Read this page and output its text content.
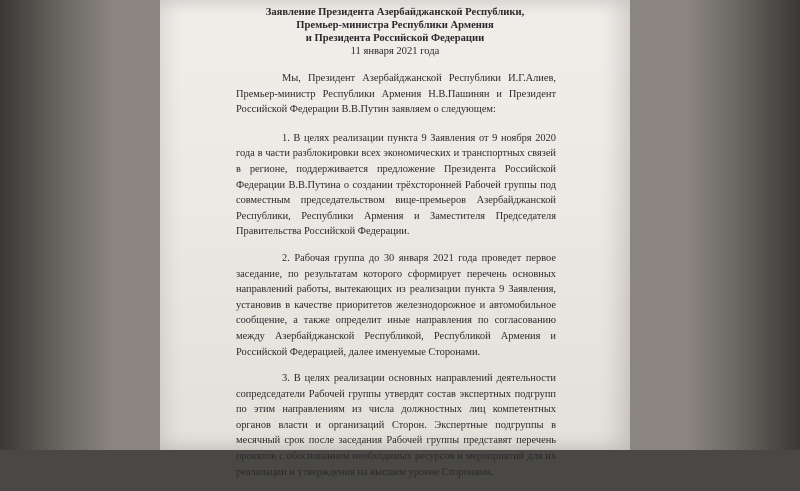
Заявление Президента Азербайджанской Республики,
Премьер-министра Республики Армения
и Президента Российской Федерации
11 января 2021 года

Мы, Президент Азербайджанской Республики И.Г.Алиев, Премьер-министр Республики Армения Н.В.Пашинян и Президент Российской Федерации В.В.Путин заявляем о следующем:

1. В целях реализации пункта 9 Заявления от 9 ноября 2020 года в части разблокировки всех экономических и транспортных связей в регионе, поддерживается предложение Президента Российской Федерации В.В.Путина о создании трёхсторонней Рабочей группы под совместным председательством вице-премьеров Азербайджанской Республики, Республики Армения и Заместителя Председателя Правительства Российской Федерации.

2. Рабочая группа до 30 января 2021 года проведет первое заседание, по результатам которого сформирует перечень основных направлений работы, вытекающих из реализации пункта 9 Заявления, установив в качестве приоритетов железнодорожное и автомобильное сообщение, а также определит иные направления по согласованию между Азербайджанской Республикой, Республикой Армения и Российской Федерацией, далее именуемые Сторонами.

3. В целях реализации основных направлений деятельности сопредседатели Рабочей группы утвердят состав экспертных подгрупп по этим направлениям из числа должностных лиц компетентных органов власти и организаций Сторон. Экспертные подгруппы в месячный срок после заседания Рабочей группы представят перечень проектов с обоснованием необходимых ресурсов и мероприятий для их реализации и утверждения на высшем уровне Сторонами.
